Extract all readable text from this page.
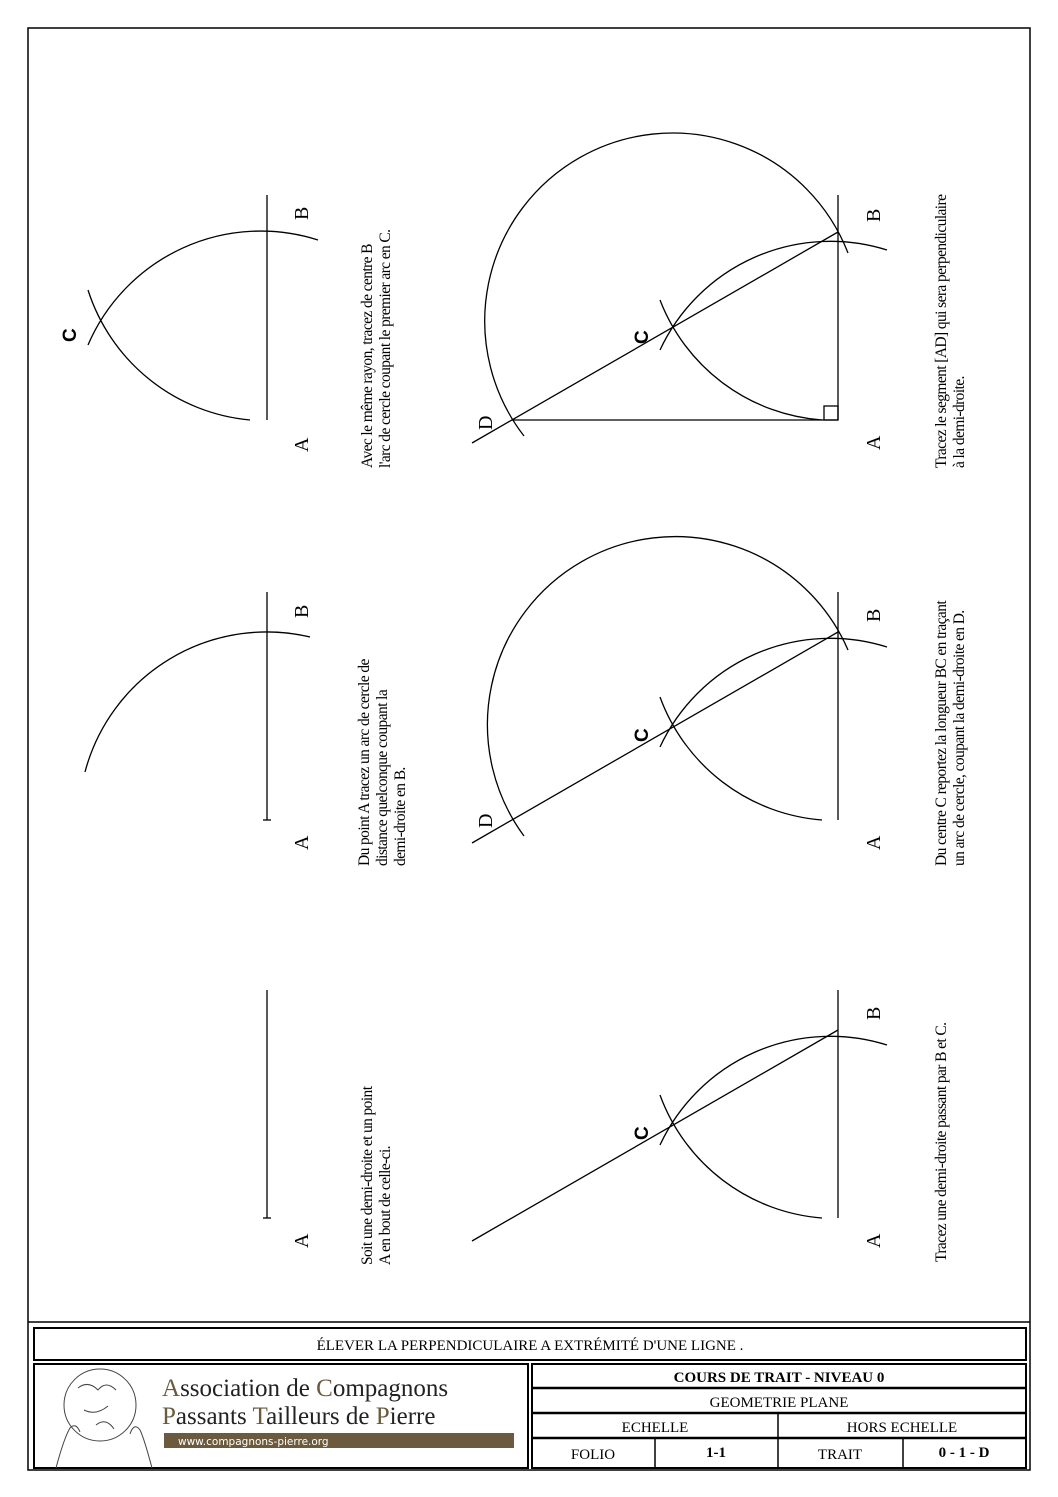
A
A
B
A
B
C
A
B
C
A
B
C
D
A
B
C
D
Soit une demi-droite et un point A en bout de celle-ci.
Du point A tracez un arc de cercle de distance quelconque coupant la demi-droite en B.
Avec le même rayon, tracez de centre B l'arc de cercle coupant le premier arc en C.
Tracez une demi-droite passant par B et C.
Du centre C reportez la longueur BC en traçant un arc de cercle, coupant la demi-droite en D.
Tracez le segment [AD] qui sera perpendiculaire à la demi-droite.
ÉLEVER LA PERPENDICULAIRE A EXTRÉMITÉ D'UNE LIGNE .
Association de Compagnons
Passants Tailleurs de Pierre
www.compagnons-pierre.org
COURS DE TRAIT - NIVEAU 0
GEOMETRIE PLANE
ECHELLE	HORS ECHELLE
FOLIO	1-1	TRAIT	0 - 1 - D
